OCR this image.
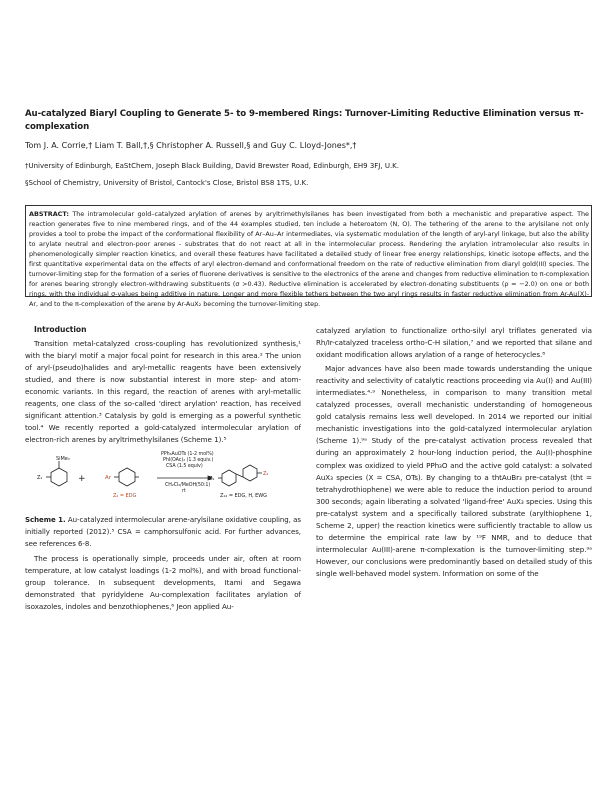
Au-catalyzed Biaryl Coupling to Generate 5- to 9-membered Rings: Turnover-Limiting Reductive Elimination versus π-complexation
Tom J. A. Corrie,† Liam T. Ball,†,§ Christopher A. Russell,§ and Guy C. Lloyd-Jones*,†
†University of Edinburgh, EaStChem, Joseph Black Building, David Brewster Road, Edinburgh, EH9 3FJ, U.K.
§School of Chemistry, University of Bristol, Cantock's Close, Bristol BS8 1TS, U.K.
ABSTRACT: The intramolecular gold–catalyzed arylation of arenes by aryltrimethylsilanes has been investigated from both a mechanistic and preparative aspect. The reaction generates five to nine membered rings, and of the 44 examples studied, ten include a heteroatom (N, O). The tethering of the arene to the arylsilane not only provides a tool to probe the impact of the conformational flexibility of Ar–Au–Ar intermediates, via systematic modulation of the length of aryl-aryl linkage, but also the ability to arylate neutral and electron-poor arenes - substrates that do not react at all in the intermolecular process. Rendering the arylation intramolecular also results in phenomenologically simpler reaction kinetics, and overall these features have facilitated a detailed study of linear free energy relationships, kinetic isotope effects, and the first quantitative experimental data on the effects of aryl electron-demand and conformational freedom on the rate of reductive elimination from diaryl gold(III) species. The turnover-limiting step for the formation of a series of fluorene derivatives is sensitive to the electronics of the arene and changes from reductive elimination to π-complexation for arenes bearing strongly electron-withdrawing substituents (σ >0.43). Reductive elimination is accelerated by electron-donating substituents (ρ = −2.0) on one or both rings, with the individual σ-values being additive in nature. Longer and more flexible tethers between the two aryl rings results in faster reductive elimination from Ar-Au(X)-Ar, and to the π-complexation of the arene by Ar-AuX₂ becoming the turnover-limiting step.

Introduction

Transition metal-catalyzed cross-coupling has revolutionized synthesis,¹ with the biaryl motif a major focal point for research in this area.² The union of aryl-(pseudo)halides and aryl-metallic reagents have been extensively studied, and there is now substantial interest in more step- and atom-economic variants. In this regard, the reaction of arenes with aryl-metallic reagents, one class of the so-called 'direct arylation' reaction, has received significant attention.³ Catalysis by gold is emerging as a powerful synthetic tool.⁴ We recently reported a gold-catalyzed intermolecular arylation of electron-rich arenes by aryltrimethylsilanes (Scheme 1).⁵

+
SiMe₃
Z₁	Ar
Z₂ = EDG
PPh₃AuOTs (1-2 mol%)
PhI(OAc)₂ (1.3 equiv.)
CSA (1.5 equiv)
CH₂Cl₂/MeOH(50:1)
rt
Z₁
Z₂
Z₁₂ = EDG, H, EWG

Scheme 1. Au-catalyzed intermolecular arene-arylsilane oxidative coupling, as initially reported (2012).⁵ CSA = camphorsulfonic acid. For further advances, see references 6-8.

The process is operationally simple, proceeds under air, often at room temperature, at low catalyst loadings (1-2 mol%), and with broad functional-group tolerance. In subsequent developments, Itami and Segawa demonstrated that pyridyldene Au-complexation facilitates arylation of isoxazoles, indoles and benzothiophenes,⁶ Jeon applied Au-

catalyzed arylation to functionalize ortho-silyl aryl triflates generated via Rh/Ir-catalyzed traceless ortho-C-H silation,⁷ and we reported that silane and oxidant modification allows arylation of a range of heterocycles.⁸

Major advances have also been made towards understanding the unique reactivity and selectivity of catalytic reactions proceeding via Au(I) and Au(III) intermediates.⁴·⁹ Nonetheless, in comparison to many transition metal catalyzed processes, overall mechanistic understanding of homogeneous gold catalysis remains less well developed. In 2014 we reported our initial mechanistic investigations into the gold-catalyzed intermolecular arylation (Scheme 1).⁹ᵃ Study of the pre-catalyst activation process revealed that during an approximately 2 hour-long induction period, the Au(I)-phosphine complex was oxidized to yield PPh₃O and the active gold catalyst: a solvated AuX₃ species (X = CSA, OTs). By changing to a thtAuBr₃ pre-catalyst (tht = tetrahydrothiophene) we were able to reduce the induction period to around 300 seconds; again liberating a solvated 'ligand-free' AuX₃ species. Using this pre-catalyst system and a specifically tailored substrate (arylthiophene 1, Scheme 2, upper) the reaction kinetics were sufficiently tractable to allow us to determine the empirical rate law by ¹⁹F NMR, and to deduce that intermolecular Au(III)-arene π-complexation is the turnover-limiting step.⁹ᵃ However, our conclusions were predominantly based on detailed study of this single well-behaved model system. Information on some of the
